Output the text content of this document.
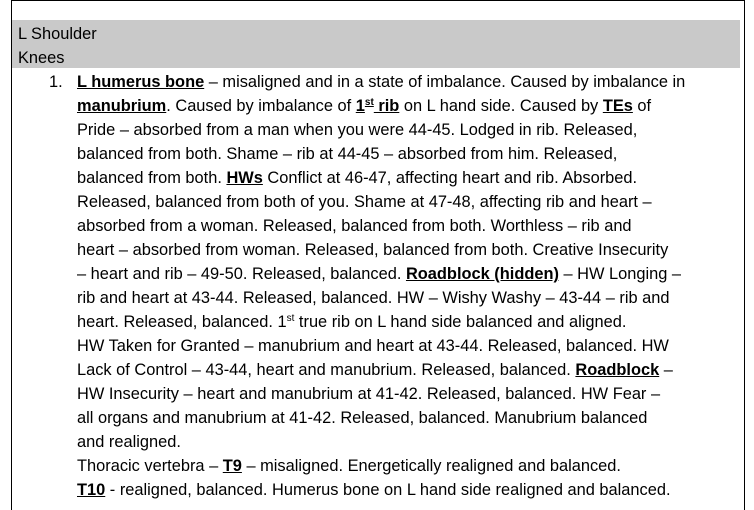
L Shoulder
Knees
1. L humerus bone – misaligned and in a state of imbalance. Caused by imbalance in
manubrium. Caused by imbalance of 1st rib on L hand side. Caused by TEs of
Pride – absorbed from a man when you were 44-45. Lodged in rib. Released,
balanced from both. Shame – rib at 44-45 – absorbed from him. Released,
balanced from both. HWs Conflict at 46-47, affecting heart and rib. Absorbed.
Released, balanced from both of you. Shame at 47-48, affecting rib and heart –
absorbed from a woman. Released, balanced from both. Worthless – rib and
heart – absorbed from woman. Released, balanced from both. Creative Insecurity
– heart and rib – 49-50. Released, balanced. Roadblock (hidden) – HW Longing –
rib and heart at 43-44. Released, balanced. HW – Wishy Washy – 43-44 – rib and
heart. Released, balanced. 1st true rib on L hand side balanced and aligned.
HW Taken for Granted – manubrium and heart at 43-44. Released, balanced. HW
Lack of Control – 43-44, heart and manubrium. Released, balanced. Roadblock –
HW Insecurity – heart and manubrium at 41-42. Released, balanced. HW Fear –
all organs and manubrium at 41-42. Released, balanced. Manubrium balanced
and realigned.
Thoracic vertebra – T9 – misaligned. Energetically realigned and balanced.
T10 - realigned, balanced. Humerus bone on L hand side realigned and balanced.
